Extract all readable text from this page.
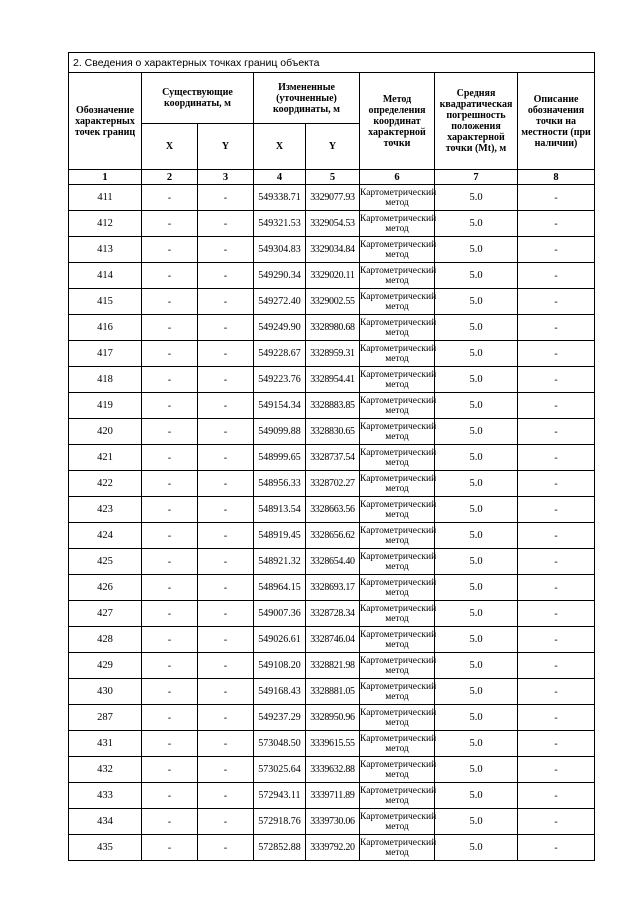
2. Сведения о характерных точках границ объекта							
Обозначение характерных точек границ	Существующие координаты, м		Измененные (уточненные) координаты, м		Метод определения координат характерной точки	Средняя квадратическая погрешность положения характерной точки (Mt), м	Описание обозначения точки на местности (при наличии)
	X	Y	X	Y			
1	2	3	4	5	6	7	8
411	-	-	549338.71	3329077.93	Картометрический метод	5.0	-
412	-	-	549321.53	3329054.53	Картометрический метод	5.0	-
413	-	-	549304.83	3329034.84	Картометрический метод	5.0	-
414	-	-	549290.34	3329020.11	Картометрический метод	5.0	-
415	-	-	549272.40	3329002.55	Картометрический метод	5.0	-
416	-	-	549249.90	3328980.68	Картометрический метод	5.0	-
417	-	-	549228.67	3328959.31	Картометрический метод	5.0	-
418	-	-	549223.76	3328954.41	Картометрический метод	5.0	-
419	-	-	549154.34	3328883.85	Картометрический метод	5.0	-
420	-	-	549099.88	3328830.65	Картометрический метод	5.0	-
421	-	-	548999.65	3328737.54	Картометрический метод	5.0	-
422	-	-	548956.33	3328702.27	Картометрический метод	5.0	-
423	-	-	548913.54	3328663.56	Картометрический метод	5.0	-
424	-	-	548919.45	3328656.62	Картометрический метод	5.0	-
425	-	-	548921.32	3328654.40	Картометрический метод	5.0	-
426	-	-	548964.15	3328693.17	Картометрический метод	5.0	-
427	-	-	549007.36	3328728.34	Картометрический метод	5.0	-
428	-	-	549026.61	3328746.04	Картометрический метод	5.0	-
429	-	-	549108.20	3328821.98	Картометрический метод	5.0	-
430	-	-	549168.43	3328881.05	Картометрический метод	5.0	-
287	-	-	549237.29	3328950.96	Картометрический метод	5.0	-
431	-	-	573048.50	3339615.55	Картометрический метод	5.0	-
432	-	-	573025.64	3339632.88	Картометрический метод	5.0	-
433	-	-	572943.11	3339711.89	Картометрический метод	5.0	-
434	-	-	572918.76	3339730.06	Картометрический метод	5.0	-
435	-	-	572852.88	3339792.20	Картометрический метод	5.0	-
